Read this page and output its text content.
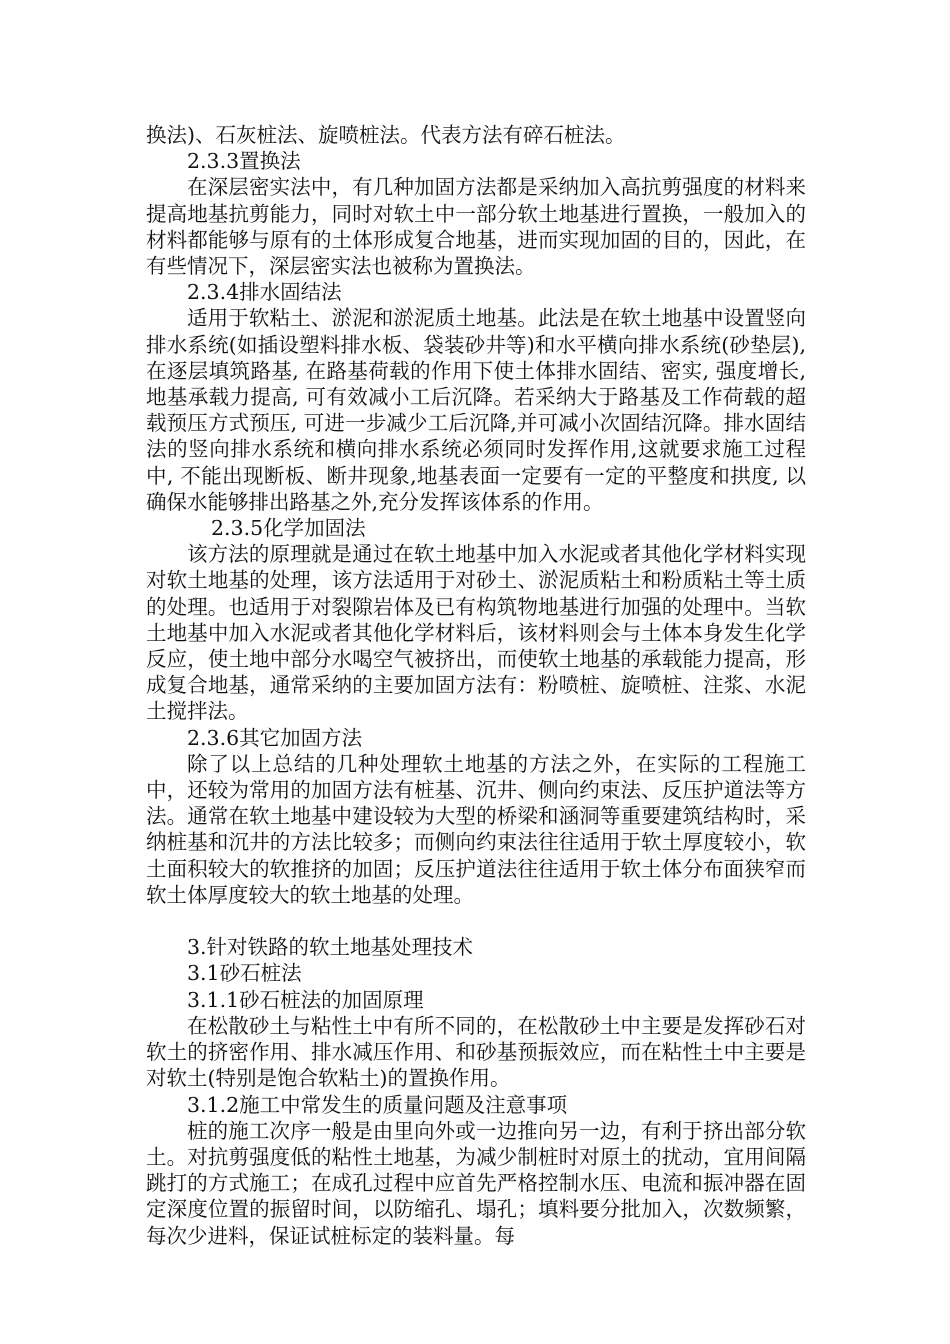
换法)、石灰桩法、旋喷桩法。代表方法有碎石桩法。

2.3.3置换法

在深层密实法中，有几种加固方法都是采纳加入高抗剪强度的材料来提高地基抗剪能力，同时对软土中一部分软土地基进行置换，一般加入的材料都能够与原有的土体形成复合地基，进而实现加固的目的，因此，在有些情况下，深层密实法也被称为置换法。

2.3.4排水固结法

适用于软粘土、淤泥和淤泥质土地基。此法是在软土地基中设置竖向排水系统(如插设塑料排水板、袋装砂井等)和水平横向排水系统(砂垫层), 在逐层填筑路基, 在路基荷载的作用下使土体排水固结、密实, 强度增长, 地基承载力提高, 可有效减小工后沉降。若采纳大于路基及工作荷载的超载预压方式预压, 可进一步减少工后沉降,并可减小次固结沉降。排水固结法的竖向排水系统和横向排水系统必须同时发挥作用,这就要求施工过程中, 不能出现断板、断井现象,地基表面一定要有一定的平整度和拱度, 以确保水能够排出路基之外,充分发挥该体系的作用。

2.3.5化学加固法

该方法的原理就是通过在软土地基中加入水泥或者其他化学材料实现对软土地基的处理，该方法适用于对砂土、淤泥质粘土和粉质粘土等土质的处理。也适用于对裂隙岩体及已有构筑物地基进行加强的处理中。当软土地基中加入水泥或者其他化学材料后，该材料则会与土体本身发生化学反应，使土地中部分水喝空气被挤出，而使软土地基的承载能力提高，形成复合地基，通常采纳的主要加固方法有：粉喷桩、旋喷桩、注浆、水泥土搅拌法。

2.3.6其它加固方法

除了以上总结的几种处理软土地基的方法之外，在实际的工程施工中，还较为常用的加固方法有桩基、沉井、侧向约束法、反压护道法等方法。通常在软土地基中建设较为大型的桥梁和涵洞等重要建筑结构时，采纳桩基和沉井的方法比较多；而侧向约束法往往适用于软土厚度较小，软土面积较大的软推挤的加固；反压护道法往往适用于软土体分布面狭窄而软土体厚度较大的软土地基的处理。

3.针对铁路的软土地基处理技术

3.1砂石桩法

3.1.1砂石桩法的加固原理

在松散砂土与粘性土中有所不同的，在松散砂土中主要是发挥砂石对软土的挤密作用、排水减压作用、和砂基预振效应，而在粘性土中主要是对软土(特别是饱合软粘土)的置换作用。

3.1.2施工中常发生的质量问题及注意事项

桩的施工次序一般是由里向外或一边推向另一边，有利于挤出部分软土。对抗剪强度低的粘性土地基，为减少制桩时对原土的扰动，宜用间隔跳打的方式施工；在成孔过程中应首先严格控制水压、电流和振冲器在固定深度位置的振留时间，以防缩孔、塌孔；填料要分批加入，次数频繁，每次少进料，保证试桩标定的装料量。每
